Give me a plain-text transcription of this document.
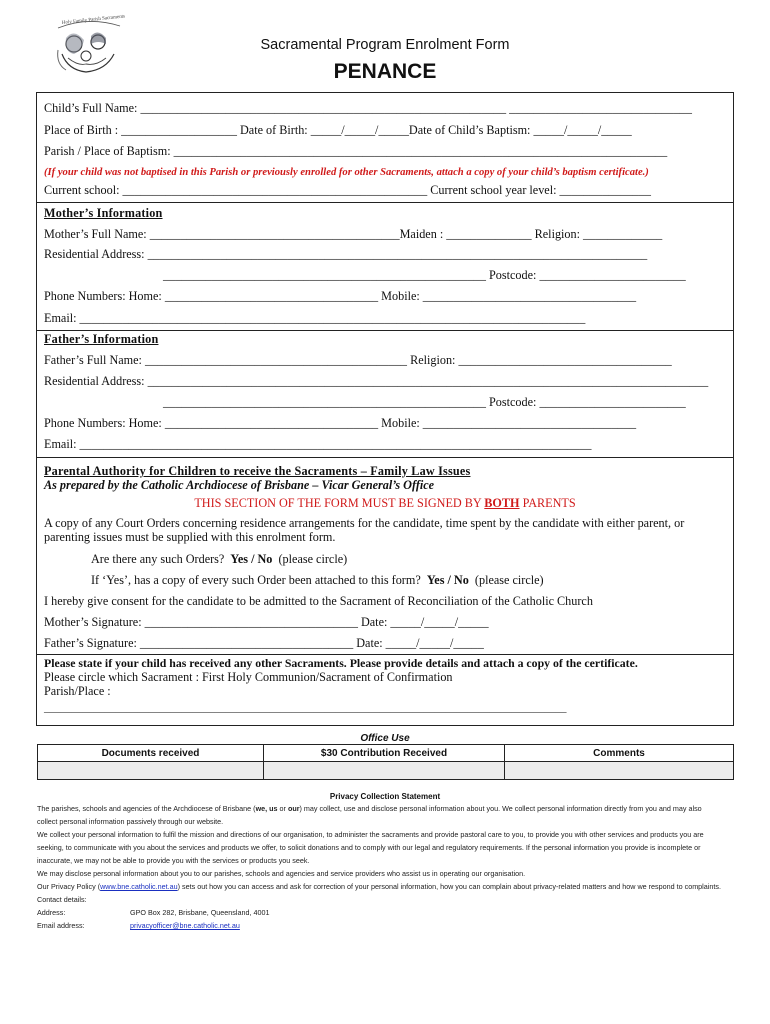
Holy Family Parish Sacraments
Sacramental Program Enrolment Form
PENANCE
Child’s Full Name: ____________________________________________________________ ______________________________
Place of Birth : ___________________ Date of Birth: _____/_____/_____Date of Child’s Baptism: _____/_____/_____
Parish / Place of Baptism: _________________________________________________________________________________
(If your child was not baptised in this Parish or previously enrolled for other Sacraments, attach a copy of your child’s baptism certificate.)
Current school: __________________________________________________ Current school year level: _______________
Mother’s Information
Mother’s Full Name: _________________________________________Maiden : ______________ Religion: _____________
Residential Address: __________________________________________________________________________________
_____________________________________________________ Postcode: ________________________
Phone Numbers: Home: ___________________________________ Mobile: ___________________________________
Email: ___________________________________________________________________________________
Father’s Information
Father’s Full Name: ___________________________________________ Religion: ___________________________________
Residential Address: ____________________________________________________________________________________________
_____________________________________________________ Postcode: ________________________
Phone Numbers: Home: ___________________________________ Mobile: ___________________________________
Email: ____________________________________________________________________________________
Parental Authority for Children to receive the Sacraments – Family Law Issues
As prepared by the Catholic Archdiocese of Brisbane – Vicar General’s Office
THIS SECTION OF THE FORM MUST BE SIGNED BY BOTH PARENTS
A copy of any Court Orders concerning residence arrangements for the candidate, time spent by the candidate with either parent, or
parenting issues must be supplied with this enrolment form.
Are there any such Orders? Yes / No (please circle)
If ‘Yes’, has a copy of every such Order been attached to this form? Yes / No (please circle)
I hereby give consent for the candidate to be admitted to the Sacrament of Reconciliation of the Catholic Church
Mother’s Signature: ___________________________________ Date: _____/_____/_____
Father’s Signature: ___________________________________ Date: _____/_____/_____
Please state if your child has received any other Sacraments. Please provide details and attach a copy of the certificate.
Please circle which Sacrament : First Holy Communion/Sacrament of Confirmation
Parish/Place :
_______________________________________________________________________________________________
Office Use
Documents received	$30 Contribution Received	Comments

Privacy Collection Statement
The parishes, schools and agencies of the Archdiocese of Brisbane (we, us or our) may collect, use and disclose personal information about you. We collect personal information directly from you and may also
collect personal information passively through our website.
We collect your personal information to fulfil the mission and directions of our organisation, to administer the sacraments and provide pastoral care to you, to provide you with other services and products you are
seeking, to communicate with you about the services and products we offer, to solicit donations and to comply with our legal and regulatory requirements. If the personal information you provide is incomplete or
inaccurate, we may not be able to provide you with the services or products you seek.
We may disclose personal information about you to our parishes, schools and agencies and service providers who assist us in operating our organisation.
Our Privacy Policy (www.bne.catholic.net.au) sets out how you can access and ask for correction of your personal information, how you can complain about privacy-related matters and how we respond to complaints.
Contact details:
Address:	GPO Box 282, Brisbane, Queensland, 4001
Email address:	privacyofficer@bne.catholic.net.au
